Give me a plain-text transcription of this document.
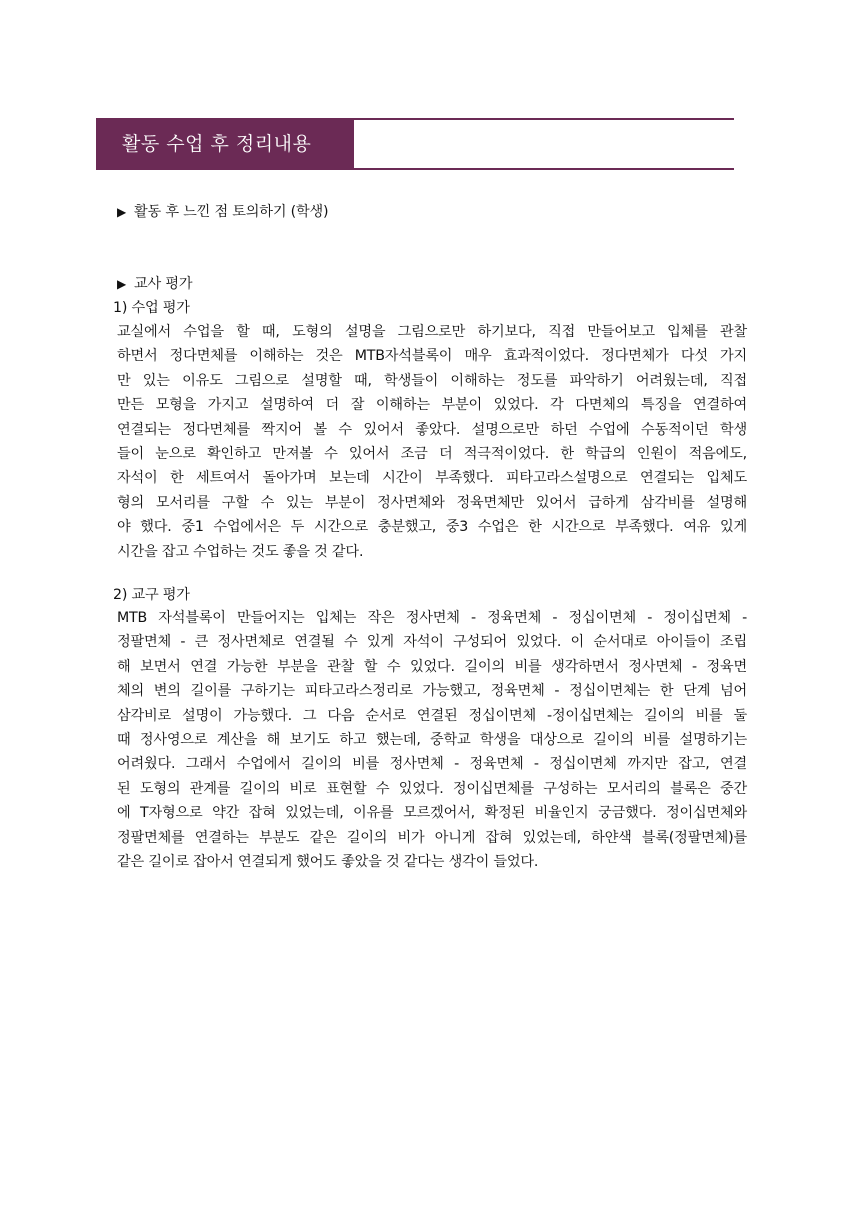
활동 수업 후 정리내용
▶ 활동 후 느낀 점 토의하기 (학생)
▶ 교사 평가
1) 수업 평가
교실에서 수업을 할 때, 도형의 설명을 그림으로만 하기보다, 직접 만들어보고 입체를 관찰
하면서 정다면체를 이해하는 것은 MTB자석블록이 매우 효과적이었다. 정다면체가 다섯 가지
만 있는 이유도 그림으로 설명할 때, 학생들이 이해하는 정도를 파악하기 어려웠는데, 직접
만든 모형을 가지고 설명하여 더 잘 이해하는 부분이 있었다. 각 다면체의 특징을 연결하여
연결되는 정다면체를 짝지어 볼 수 있어서 좋았다. 설명으로만 하던 수업에 수동적이던 학생
들이 눈으로 확인하고 만져볼 수 있어서 조금 더 적극적이었다. 한 학급의 인원이 적음에도,
자석이 한 세트여서 돌아가며 보는데 시간이 부족했다. 피타고라스설명으로 연결되는 입체도
형의 모서리를 구할 수 있는 부분이 정사면체와 정육면체만 있어서 급하게 삼각비를 설명해
야 했다. 중1 수업에서은 두 시간으로 충분했고, 중3 수업은 한 시간으로 부족했다. 여유 있게
시간을 잡고 수업하는 것도 좋을 것 같다.
2) 교구 평가
MTB 자석블록이 만들어지는 입체는 작은 정사면체 - 정육면체 - 정십이면체 - 정이십면체 -
정팔면체 - 큰 정사면체로 연결될 수 있게 자석이 구성되어 있었다. 이 순서대로 아이들이 조립
해 보면서 연결 가능한 부분을 관찰 할 수 있었다. 길이의 비를 생각하면서 정사면체 - 정육면
체의 변의 길이를 구하기는 피타고라스정리로 가능했고, 정육면체 - 정십이면체는 한 단계 넘어
삼각비로 설명이 가능했다. 그 다음 순서로 연결된 정십이면체 -정이십면체는 길이의 비를 둘
때 정사영으로 계산을 해 보기도 하고 했는데, 중학교 학생을 대상으로 길이의 비를 설명하기는
어려웠다. 그래서 수업에서 길이의 비를 정사면체 - 정육면체 - 정십이면체 까지만 잡고, 연결
된 도형의 관계를 길이의 비로 표현할 수 있었다. 정이십면체를 구성하는 모서리의 블록은 중간
에 T자형으로 약간 잡혀 있었는데, 이유를 모르겠어서, 확정된 비율인지 궁금했다. 정이십면체와
정팔면체를 연결하는 부분도 같은 길이의 비가 아니게 잡혀 있었는데, 하얀색 블록(정팔면체)를
같은 길이로 잡아서 연결되게 했어도 좋았을 것 같다는 생각이 들었다.
